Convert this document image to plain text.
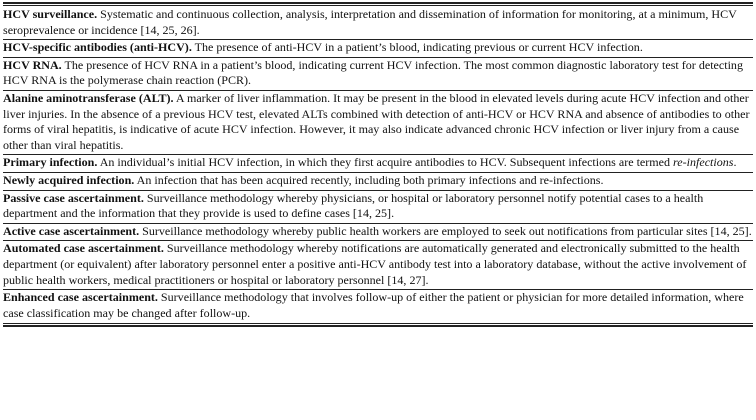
HCV surveillance. Systematic and continuous collection, analysis, interpretation and dissemination of information for monitoring, at a minimum, HCV seroprevalence or incidence [14, 25, 26].

HCV-specific antibodies (anti-HCV). The presence of anti-HCV in a patient’s blood, indicating previous or current HCV infection.

HCV RNA. The presence of HCV RNA in a patient’s blood, indicating current HCV infection. The most common diagnostic laboratory test for detecting HCV RNA is the polymerase chain reaction (PCR).

Alanine aminotransferase (ALT). A marker of liver inflammation. It may be present in the blood in elevated levels during acute HCV infection and other liver injuries. In the absence of a previous HCV test, elevated ALTs combined with detection of anti-HCV or HCV RNA and absence of antibodies to other forms of viral hepatitis, is indicative of acute HCV infection. However, it may also indicate advanced chronic HCV infection or liver injury from a cause other than viral hepatitis.

Primary infection. An individual’s initial HCV infection, in which they first acquire antibodies to HCV. Subsequent infections are termed re-infections.

Newly acquired infection. An infection that has been acquired recently, including both primary infections and re-infections.

Passive case ascertainment. Surveillance methodology whereby physicians, or hospital or laboratory personnel notify potential cases to a health department and the information that they provide is used to define cases [14, 25].

Active case ascertainment. Surveillance methodology whereby public health workers are employed to seek out notifications from particular sites [14, 25].

Automated case ascertainment. Surveillance methodology whereby notifications are automatically generated and electronically submitted to the health department (or equivalent) after laboratory personnel enter a positive anti-HCV antibody test into a laboratory database, without the active involvement of public health workers, medical practitioners or hospital or laboratory personnel [14, 27].

Enhanced case ascertainment. Surveillance methodology that involves follow-up of either the patient or physician for more detailed information, where case classification may be changed after follow-up.
